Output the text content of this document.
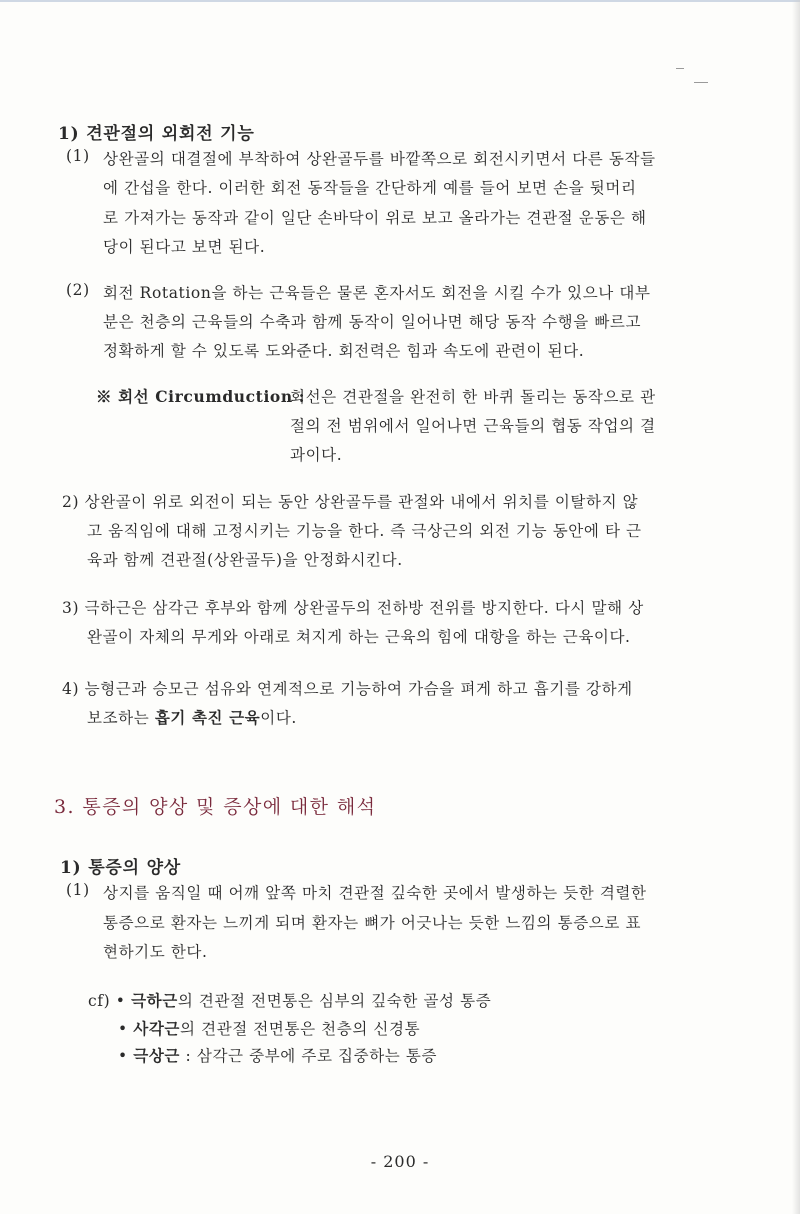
1) 견관절의 외회전 기능
(1) 상완골의 대결절에 부착하여 상완골두를 바깥쪽으로 회전시키면서 다른 동작들
에 간섭을 한다. 이러한 회전 동작들을 간단하게 예를 들어 보면 손을 뒷머리
로 가져가는 동작과 같이 일단 손바닥이 위로 보고 올라가는 견관절 운동은 해
당이 된다고 보면 된다.
(2) 회전 Rotation을 하는 근육들은 물론 혼자서도 회전을 시킬 수가 있으나 대부
분은 천층의 근육들의 수축과 함께 동작이 일어나면 해당 동작 수행을 빠르고
정확하게 할 수 있도록 도와준다. 회전력은 힘과 속도에 관련이 된다.
※ 회선 Circumduction :
회선은 견관절을 완전히 한 바퀴 돌리는 동작으로 관
절의 전 범위에서 일어나면 근육들의 협동 작업의 결
과이다.
2) 상완골이 위로 외전이 되는 동안 상완골두를 관절와 내에서 위치를 이탈하지 않
고 움직임에 대해 고정시키는 기능을 한다. 즉 극상근의 외전 기능 동안에 타 근
육과 함께 견관절(상완골두)을 안정화시킨다.
3) 극하근은 삼각근 후부와 함께 상완골두의 전하방 전위를 방지한다. 다시 말해 상
완골이 자체의 무게와 아래로 쳐지게 하는 근육의 힘에 대항을 하는 근육이다.
4) 능형근과 승모근 섬유와 연계적으로 기능하여 가슴을 펴게 하고 흡기를 강하게
보조하는 흡기 촉진 근육이다.
3. 통증의 양상 및 증상에 대한 해석
1) 통증의 양상
(1) 상지를 움직일 때 어깨 앞쪽 마치 견관절 깊숙한 곳에서 발생하는 듯한 격렬한
통증으로 환자는 느끼게 되며 환자는 뼈가 어긋나는 듯한 느낌의 통증으로 표
현하기도 한다.
cf) • 극하근의 견관절 전면통은 심부의 깊숙한 골성 통증
• 사각근의 견관절 전면통은 천층의 신경통
• 극상근 : 삼각근 중부에 주로 집중하는 통증
- 200 -
